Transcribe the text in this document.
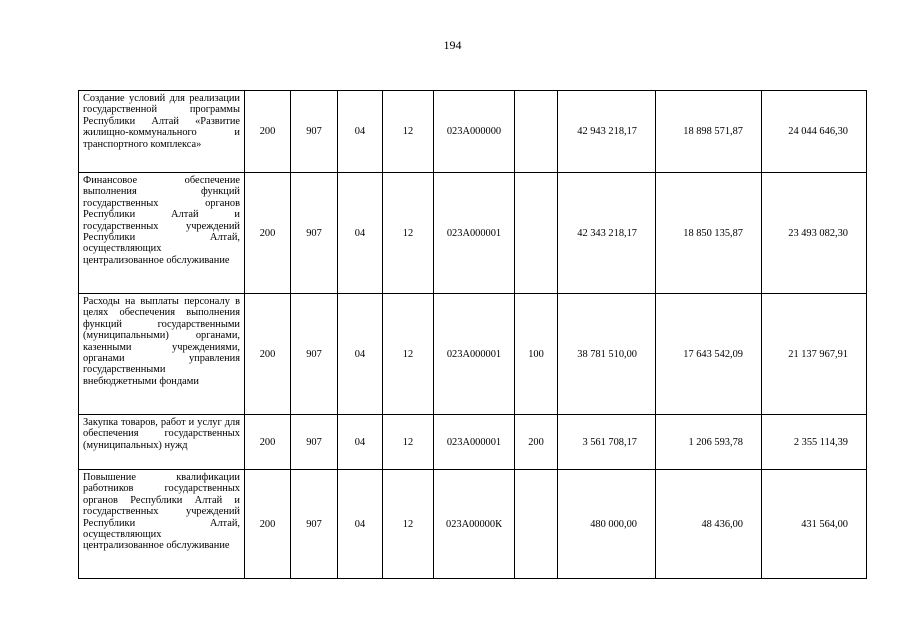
194
Создание условий для реализации государственной программы Республики Алтай «Развитие жилищно-коммунального и транспортного комплекса»	200	907	04	12	023А000000		42 943 218,17	18 898 571,87	24 044 646,30
Финансовое обеспечение выполнения функций государственных органов Республики Алтай и государственных учреждений Республики Алтай, осуществляющих централизованное обслуживание	200	907	04	12	023А000001		42 343 218,17	18 850 135,87	23 493 082,30
Расходы на выплаты персоналу в целях обеспечения выполнения функций государственными (муниципальными) органами, казенными учреждениями, органами управления государственными внебюджетными фондами	200	907	04	12	023А000001	100	38 781 510,00	17 643 542,09	21 137 967,91
Закупка товаров, работ и услуг для обеспечения государственных (муниципальных) нужд	200	907	04	12	023А000001	200	3 561 708,17	1 206 593,78	2 355 114,39
Повышение квалификации работников государственных органов Республики Алтай и государственных учреждений Республики Алтай, осуществляющих централизованное обслуживание	200	907	04	12	023А00000К		480 000,00	48 436,00	431 564,00
